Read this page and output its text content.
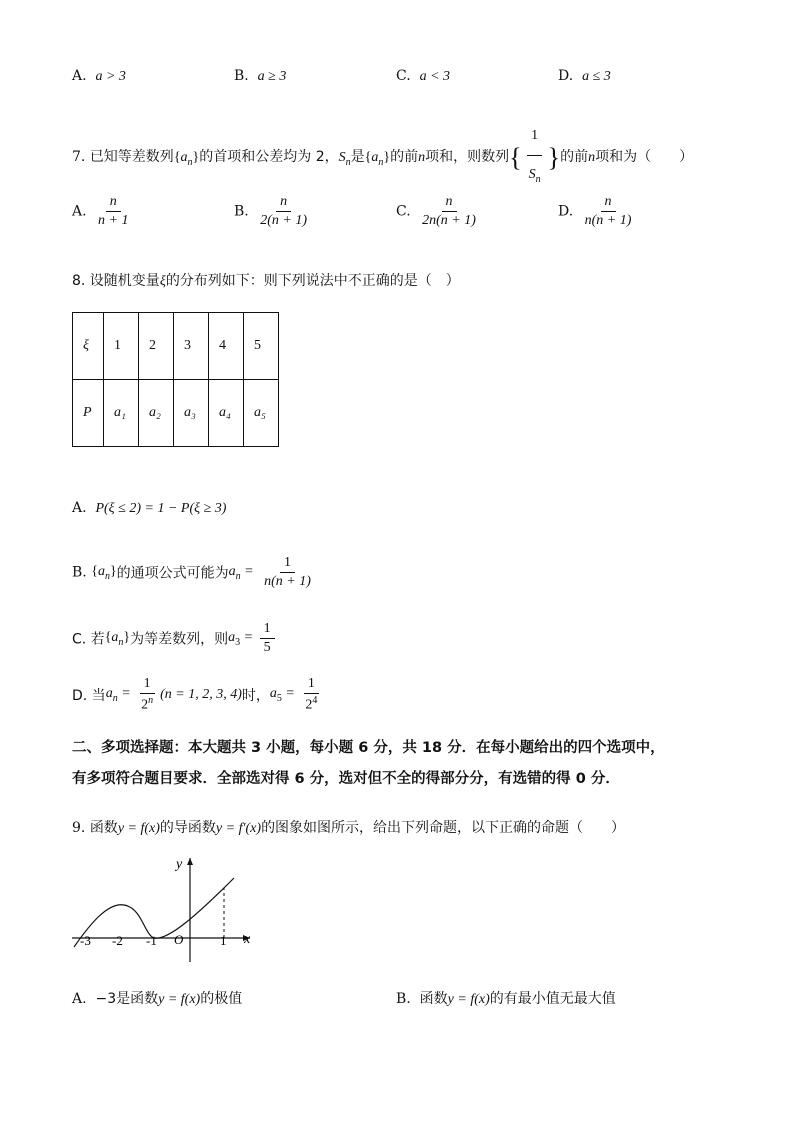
A. a > 3	B. a ≥ 3	C. a < 3	D. a ≤ 3
7. 已知等差数列$\{a_n\}$的首项和公差均为 2，$S_n$是$\{a_n\}$的前n项和，则数列{ $\frac{1}{S_n}$ }的前n项和为（　　）
A. $\frac{n}{n + 1}$	B. $\frac{n}{2(n + 1)}$	C. $\frac{n}{2n(n + 1)}$	D. $\frac{n}{n(n + 1)}$
8. 设随机变量ξ的分布列如下：则下列说法中不正确的是（　）
ξ	1	2	3	4	5
P	a₁	a₂	a₃	a₄	a₅
A. P(ξ ≤ 2) = 1 − P(ξ ≥ 3)
B. $\{a_n\}$的通项公式可能为$a_n = \frac{1}{n(n + 1)}$
C. 若$\{a_n\}$为等差数列，则$a_3 = \frac{1}{5}$
D. 当$a_n = \frac{1}{2^n} (n = 1$, 2, 3, 4)时，$a_5 = \frac{1}{2^4}$
二、多项选择题：本大题共 3 小题，每小题 6 分，共 18 分．在每小题给出的四个选项中，
有多项符合题目要求．全部选对得 6 分，选对但不全的得部分分，有选错的得 0 分．
9. 函数y = f(x)的导函数y = f′(x)的图象如图所示，给出下列命题，以下正确的命题（　　）
y
x
O
-3 -2 -1	1
A. −3是函数y = f(x)的极值	B. 函数y = f(x)的有最小值无最大值
